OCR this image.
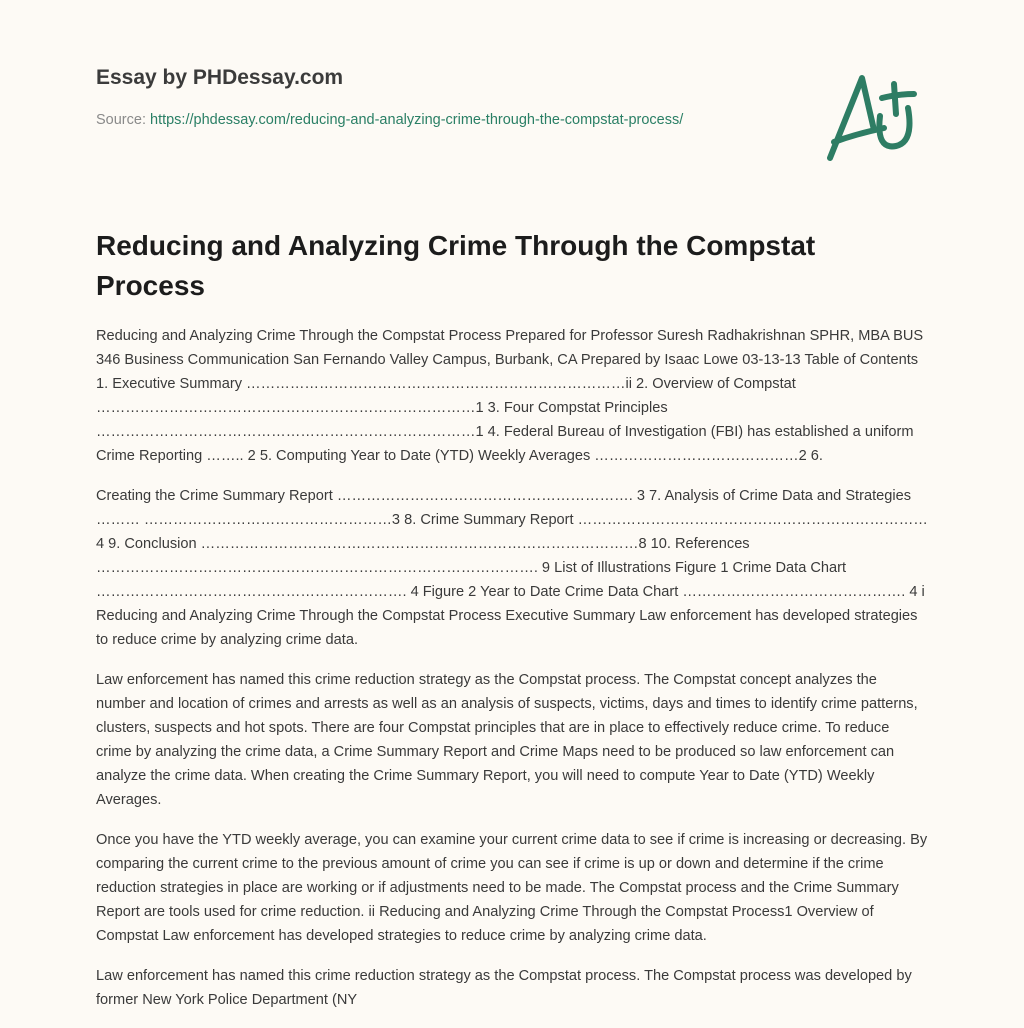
Essay by PHDessay.com
Source: https://phdessay.com/reducing-and-analyzing-crime-through-the-compstat-process/
Reducing and Analyzing Crime Through the Compstat Process

Reducing and Analyzing Crime Through the Compstat Process Prepared for Professor Suresh Radhakrishnan SPHR, MBA BUS 346 Business Communication San Fernando Valley Campus, Burbank, CA Prepared by Isaac Lowe 03-13-13 Table of Contents 1. Executive Summary ……………………………………………………………………ii 2. Overview of Compstat ……………………………………………………………………1 3. Four Compstat Principles ……………………………………………………………………1 4. Federal Bureau of Investigation (FBI) has established a uniform Crime Reporting …….. 2 5. Computing Year to Date (YTD) Weekly Averages ……………………………………2 6.

Creating the Crime Summary Report ……………………………………………………. 3 7. Analysis of Crime Data and Strategies ……… ……………………………………………3 8. Crime Summary Report ………………………………………………………………4 9. Conclusion ………………………………………………………………………………8 10. References ………………………………………………………………………………. 9 List of Illustrations Figure 1 Crime Data Chart ………………………………………………………. 4 Figure 2 Year to Date Crime Data Chart ………………………………………. 4 i Reducing and Analyzing Crime Through the Compstat Process Executive Summary Law enforcement has developed strategies to reduce crime by analyzing crime data.

Law enforcement has named this crime reduction strategy as the Compstat process. The Compstat concept analyzes the number and location of crimes and arrests as well as an analysis of suspects, victims, days and times to identify crime patterns, clusters, suspects and hot spots. There are four Compstat principles that are in place to effectively reduce crime. To reduce crime by analyzing the crime data, a Crime Summary Report and Crime Maps need to be produced so law enforcement can analyze the crime data. When creating the Crime Summary Report, you will need to compute Year to Date (YTD) Weekly Averages.

Once you have the YTD weekly average, you can examine your current crime data to see if crime is increasing or decreasing. By comparing the current crime to the previous amount of crime you can see if crime is up or down and determine if the crime reduction strategies in place are working or if adjustments need to be made. The Compstat process and the Crime Summary Report are tools used for crime reduction. ii Reducing and Analyzing Crime Through the Compstat Process1 Overview of Compstat Law enforcement has developed strategies to reduce crime by analyzing crime data.

Law enforcement has named this crime reduction strategy as the Compstat process. The Compstat process was developed by former New York Police Department (NY
